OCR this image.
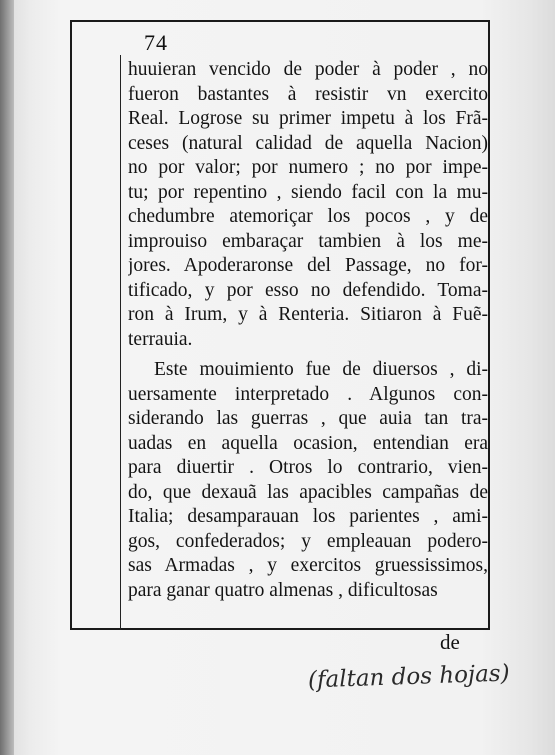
74
huuieran vencido de poder à poder , no
fueron bastantes à resistir vn exercito
Real. Logrose su primer impetu à los Frã-
ceses (natural calidad de aquella Nacion)
no por valor; por numero ; no por impe-
tu; por repentino , siendo facil con la mu-
chedumbre atemoriçar los pocos , y de
improuiso embaraçar tambien à los me-
jores. Apoderaronse del Passage, no for-
tificado, y por esso no defendido. Toma-
ron à Irum, y à Renteria. Sitiaron à Fuẽ-
terrauia.
Este mouimiento fue de diuersos , di-
uersamente interpretado . Algunos con-
siderando las guerras , que auia tan tra-
uadas en aquella ocasion, entendian era
para diuertir . Otros lo contrario, vien-
do, que dexauã las apacibles campañas de
Italia; desamparauan los parientes , ami-
gos, confederados; y empleauan podero-
sas Armadas , y exercitos gruessissimos,
para ganar quatro almenas , dificultosas
de
(faltan dos hojas)
